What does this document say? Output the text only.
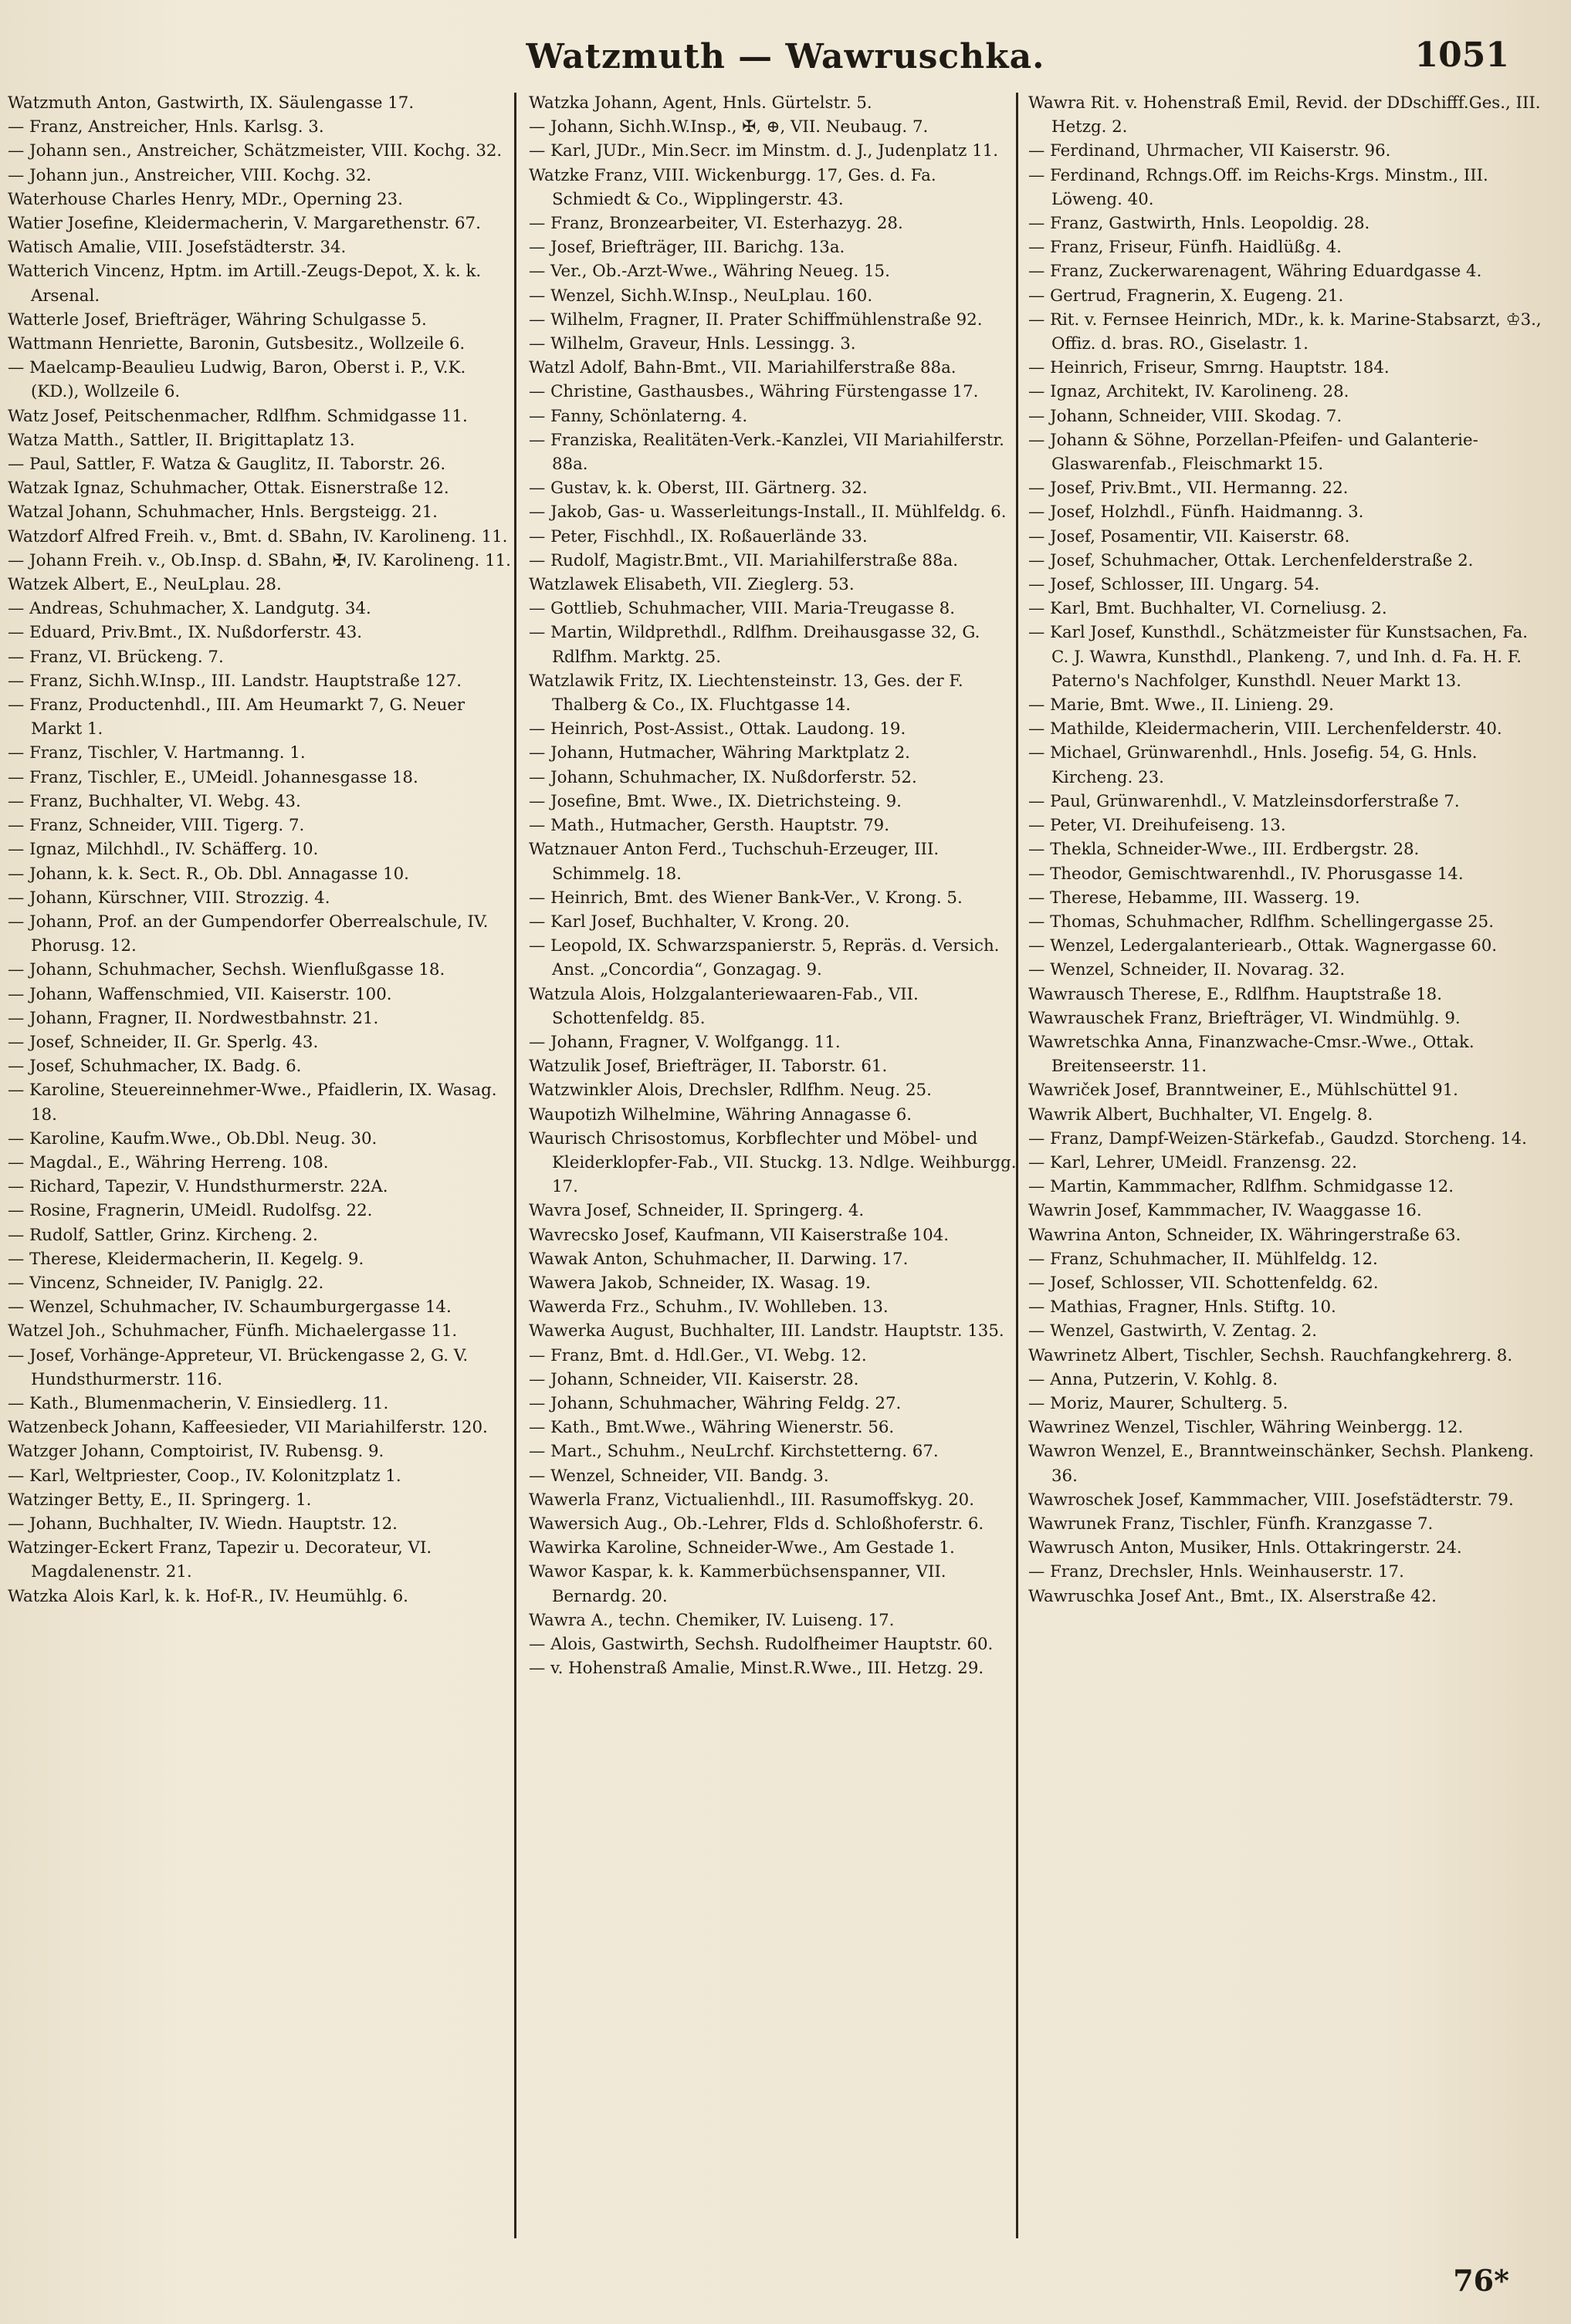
Watzmuth — Wawruschka.	1051
Watzmuth Anton, Gastwirth, IX. Säulengasse 17.
— Franz, Anstreicher, Hnls. Karlsg. 3.
— Johann sen., Anstreicher, Schätzmeister, VIII. Kochg. 32.
— Johann jun., Anstreicher, VIII. Kochg. 32.
Waterhouse Charles Henry, MDr., Operning 23.
Watier Josefine, Kleidermacherin, V. Margarethenstr. 67.
Watisch Amalie, VIII. Josefstädterstr. 34.
Watterich Vincenz, Hptm. im Artill.-Zeugs-Depot, X. k. k. Arsenal.
Watterle Josef, Briefträger, Währing Schulgasse 5.
Wattmann Henriette, Baronin, Gutsbesitz., Wollzeile 6.
— Maelcamp-Beaulieu Ludwig, Baron, Oberst i. P., V.K. (KD.), Wollzeile 6.
Watz Josef, Peitschenmacher, Rdlfhm. Schmidgasse 11.
Watza Matth., Sattler, II. Brigittaplatz 13.
— Paul, Sattler, F. Watza & Gauglitz, II. Taborstr. 26.
Watzak Ignaz, Schuhmacher, Ottak. Eisnerstraße 12.
Watzal Johann, Schuhmacher, Hnls. Bergsteigg. 21.
Watzdorf Alfred Freih. v., Bmt. d. SBahn, IV. Karolineng. 11.
— Johann Freih. v., Ob.Insp. d. SBahn, ✠, IV. Karolineng. 11.
Watzek Albert, E., NeuLplau. 28.
— Andreas, Schuhmacher, X. Landgutg. 34.
— Eduard, Priv.Bmt., IX. Nußdorferstr. 43.
— Franz, VI. Brückeng. 7.
— Franz, Sichh.W.Insp., III. Landstr. Hauptstraße 127.
— Franz, Productenhdl., III. Am Heumarkt 7, G. Neuer Markt 1.
— Franz, Tischler, V. Hartmanng. 1.
— Franz, Tischler, E., UMeidl. Johannesgasse 18.
— Franz, Buchhalter, VI. Webg. 43.
— Franz, Schneider, VIII. Tigerg. 7.
— Ignaz, Milchhdl., IV. Schäfferg. 10.
— Johann, k. k. Sect. R., Ob. Dbl. Annagasse 10.
— Johann, Kürschner, VIII. Strozzig. 4.
— Johann, Prof. an der Gumpendorfer Oberrealschule, IV. Phorusg. 12.
— Johann, Schuhmacher, Sechsh. Wienflußgasse 18.
— Johann, Waffenschmied, VII. Kaiserstr. 100.
— Johann, Fragner, II. Nordwestbahnstr. 21.
— Josef, Schneider, II. Gr. Sperlg. 43.
— Josef, Schuhmacher, IX. Badg. 6.
— Karoline, Steuereinnehmer-Wwe., Pfaidlerin, IX. Wasag. 18.
— Karoline, Kaufm.Wwe., Ob.Dbl. Neug. 30.
— Magdal., E., Währing Herreng. 108.
— Richard, Tapezir, V. Hundsthurmerstr. 22A.
— Rosine, Fragnerin, UMeidl. Rudolfsg. 22.
— Rudolf, Sattler, Grinz. Kircheng. 2.
— Therese, Kleidermacherin, II. Kegelg. 9.
— Vincenz, Schneider, IV. Paniglg. 22.
— Wenzel, Schuhmacher, IV. Schaumburgergasse 14.
Watzel Joh., Schuhmacher, Fünfh. Michaelergasse 11.
— Josef, Vorhänge-Appreteur, VI. Brückengasse 2, G. V. Hundsthurmerstr. 116.
— Kath., Blumenmacherin, V. Einsiedlerg. 11.
Watzenbeck Johann, Kaffeesieder, VII Mariahilferstr. 120.
Watzger Johann, Comptoirist, IV. Rubensg. 9.
— Karl, Weltpriester, Coop., IV. Kolonitzplatz 1.
Watzinger Betty, E., II. Springerg. 1.
— Johann, Buchhalter, IV. Wiedn. Hauptstr. 12.
Watzinger-Eckert Franz, Tapezir u. Decorateur, VI. Magdalenenstr. 21.
Watzka Alois Karl, k. k. Hof-R., IV. Heumühlg. 6.
Watzka Johann, Agent, Hnls. Gürtelstr. 5.
— Johann, Sichh.W.Insp., ✠, ⊕, VII. Neubaug. 7.
— Karl, JUDr., Min.Secr. im Minstm. d. J., Judenplatz 11.
Watzke Franz, VIII. Wickenburgg. 17, Ges. d. Fa. Schmiedt & Co., Wipplingerstr. 43.
— Franz, Bronzearbeiter, VI. Esterhazyg. 28.
— Josef, Briefträger, III. Barichg. 13a.
— Ver., Ob.-Arzt-Wwe., Währing Neueg. 15.
— Wenzel, Sichh.W.Insp., NeuLplau. 160.
— Wilhelm, Fragner, II. Prater Schiffmühlenstraße 92.
— Wilhelm, Graveur, Hnls. Lessingg. 3.
Watzl Adolf, Bahn-Bmt., VII. Mariahilferstraße 88a.
— Christine, Gasthausbes., Währing Fürstengasse 17.
— Fanny, Schönlaterng. 4.
— Franziska, Realitäten-Verk.-Kanzlei, VII Mariahilferstr. 88a.
— Gustav, k. k. Oberst, III. Gärtnerg. 32.
— Jakob, Gas- u. Wasserleitungs-Install., II. Mühlfeldg. 6.
— Peter, Fischhdl., IX. Roßauerlände 33.
— Rudolf, Magistr.Bmt., VII. Mariahilferstraße 88a.
Watzlawek Elisabeth, VII. Zieglerg. 53.
— Gottlieb, Schuhmacher, VIII. Maria-Treugasse 8.
— Martin, Wildprethdl., Rdlfhm. Dreihausgasse 32, G. Rdlfhm. Marktg. 25.
Watzlawik Fritz, IX. Liechtensteinstr. 13, Ges. der F. Thalberg & Co., IX. Fluchtgasse 14.
— Heinrich, Post-Assist., Ottak. Laudong. 19.
— Johann, Hutmacher, Währing Marktplatz 2.
— Johann, Schuhmacher, IX. Nußdorferstr. 52.
— Josefine, Bmt. Wwe., IX. Dietrichsteing. 9.
— Math., Hutmacher, Gersth. Hauptstr. 79.
Watznauer Anton Ferd., Tuchschuh-Erzeuger, III. Schimmelg. 18.
— Heinrich, Bmt. des Wiener Bank-Ver., V. Krong. 5.
— Karl Josef, Buchhalter, V. Krong. 20.
— Leopold, IX. Schwarzspanierstr. 5, Repräs. d. Versich. Anst. „Concordia“, Gonzagag. 9.
Watzula Alois, Holzgalanteriewaaren-Fab., VII. Schottenfeldg. 85.
— Johann, Fragner, V. Wolfgangg. 11.
Watzulik Josef, Briefträger, II. Taborstr. 61.
Watzwinkler Alois, Drechsler, Rdlfhm. Neug. 25.
Waupotizh Wilhelmine, Währing Annagasse 6.
Waurisch Chrisostomus, Korbflechter und Möbel- und Kleiderklopfer-Fab., VII. Stuckg. 13. Ndlge. Weihburgg. 17.
Wavra Josef, Schneider, II. Springerg. 4.
Wavrecsko Josef, Kaufmann, VII Kaiserstraße 104.
Wawak Anton, Schuhmacher, II. Darwing. 17.
Wawera Jakob, Schneider, IX. Wasag. 19.
Wawerda Frz., Schuhm., IV. Wohlleben. 13.
Wawerka August, Buchhalter, III. Landstr. Hauptstr. 135.
— Franz, Bmt. d. Hdl.Ger., VI. Webg. 12.
— Johann, Schneider, VII. Kaiserstr. 28.
— Johann, Schuhmacher, Währing Feldg. 27.
— Kath., Bmt.Wwe., Währing Wienerstr. 56.
— Mart., Schuhm., NeuLrchf. Kirchstetterng. 67.
— Wenzel, Schneider, VII. Bandg. 3.
Wawerla Franz, Victualienhdl., III. Rasumoffskyg. 20.
Wawersich Aug., Ob.-Lehrer, Flds d. Schloßhoferstr. 6.
Wawirka Karoline, Schneider-Wwe., Am Gestade 1.
Wawor Kaspar, k. k. Kammerbüchsenspanner, VII. Bernardg. 20.
Wawra A., techn. Chemiker, IV. Luiseng. 17.
— Alois, Gastwirth, Sechsh. Rudolfheimer Hauptstr. 60.
— v. Hohenstraß Amalie, Minst.R.Wwe., III. Hetzg. 29.
Wawra Rit. v. Hohenstraß Emil, Revid. der DDschifff.Ges., III. Hetzg. 2.
— Ferdinand, Uhrmacher, VII Kaiserstr. 96.
— Ferdinand, Rchngs.Off. im Reichs-Krgs. Minstm., III. Löweng. 40.
— Franz, Gastwirth, Hnls. Leopoldig. 28.
— Franz, Friseur, Fünfh. Haidlüßg. 4.
— Franz, Zuckerwarenagent, Währing Eduardgasse 4.
— Gertrud, Fragnerin, X. Eugeng. 21.
— Rit. v. Fernsee Heinrich, MDr., k. k. Marine-Stabsarzt, ♔3., Offiz. d. bras. RO., Giselastr. 1.
— Heinrich, Friseur, Smrng. Hauptstr. 184.
— Ignaz, Architekt, IV. Karolineng. 28.
— Johann, Schneider, VIII. Skodag. 7.
— Johann & Söhne, Porzellan-Pfeifen- und Galanterie-Glaswarenfab., Fleischmarkt 15.
— Josef, Priv.Bmt., VII. Hermanng. 22.
— Josef, Holzhdl., Fünfh. Haidmanng. 3.
— Josef, Posamentir, VII. Kaiserstr. 68.
— Josef, Schuhmacher, Ottak. Lerchenfelderstraße 2.
— Josef, Schlosser, III. Ungarg. 54.
— Karl, Bmt. Buchhalter, VI. Corneliusg. 2.
— Karl Josef, Kunsthdl., Schätzmeister für Kunstsachen, Fa. C. J. Wawra, Kunsthdl., Plankeng. 7, und Inh. d. Fa. H. F. Paterno's Nachfolger, Kunsthdl. Neuer Markt 13.
— Marie, Bmt. Wwe., II. Linieng. 29.
— Mathilde, Kleidermacherin, VIII. Lerchenfelderstr. 40.
— Michael, Grünwarenhdl., Hnls. Josefig. 54, G. Hnls. Kircheng. 23.
— Paul, Grünwarenhdl., V. Matzleinsdorferstraße 7.
— Peter, VI. Dreihufeiseng. 13.
— Thekla, Schneider-Wwe., III. Erdbergstr. 28.
— Theodor, Gemischtwarenhdl., IV. Phorusgasse 14.
— Therese, Hebamme, III. Wasserg. 19.
— Thomas, Schuhmacher, Rdlfhm. Schellingergasse 25.
— Wenzel, Ledergalanteriearb., Ottak. Wagnergasse 60.
— Wenzel, Schneider, II. Novarag. 32.
Wawrausch Therese, E., Rdlfhm. Hauptstraße 18.
Wawrauschek Franz, Briefträger, VI. Windmühlg. 9.
Wawretschka Anna, Finanzwache-Cmsr.-Wwe., Ottak. Breitenseerstr. 11.
Wawriček Josef, Branntweiner, E., Mühlschüttel 91.
Wawrik Albert, Buchhalter, VI. Engelg. 8.
— Franz, Dampf-Weizen-Stärkefab., Gaudzd. Storcheng. 14.
— Karl, Lehrer, UMeidl. Franzensg. 22.
— Martin, Kammmacher, Rdlfhm. Schmidgasse 12.
Wawrin Josef, Kammmacher, IV. Waaggasse 16.
Wawrina Anton, Schneider, IX. Währingerstraße 63.
— Franz, Schuhmacher, II. Mühlfeldg. 12.
— Josef, Schlosser, VII. Schottenfeldg. 62.
— Mathias, Fragner, Hnls. Stiftg. 10.
— Wenzel, Gastwirth, V. Zentag. 2.
Wawrinetz Albert, Tischler, Sechsh. Rauchfangkehrerg. 8.
— Anna, Putzerin, V. Kohlg. 8.
— Moriz, Maurer, Schulterg. 5.
Wawrinez Wenzel, Tischler, Währing Weinbergg. 12.
Wawron Wenzel, E., Branntweinschänker, Sechsh. Plankeng. 36.
Wawroschek Josef, Kammmacher, VIII. Josefstädterstr. 79.
Wawrunek Franz, Tischler, Fünfh. Kranzgasse 7.
Wawrusch Anton, Musiker, Hnls. Ottakringerstr. 24.
— Franz, Drechsler, Hnls. Weinhauserstr. 17.
Wawruschka Josef Ant., Bmt., IX. Alserstraße 42.
76*
